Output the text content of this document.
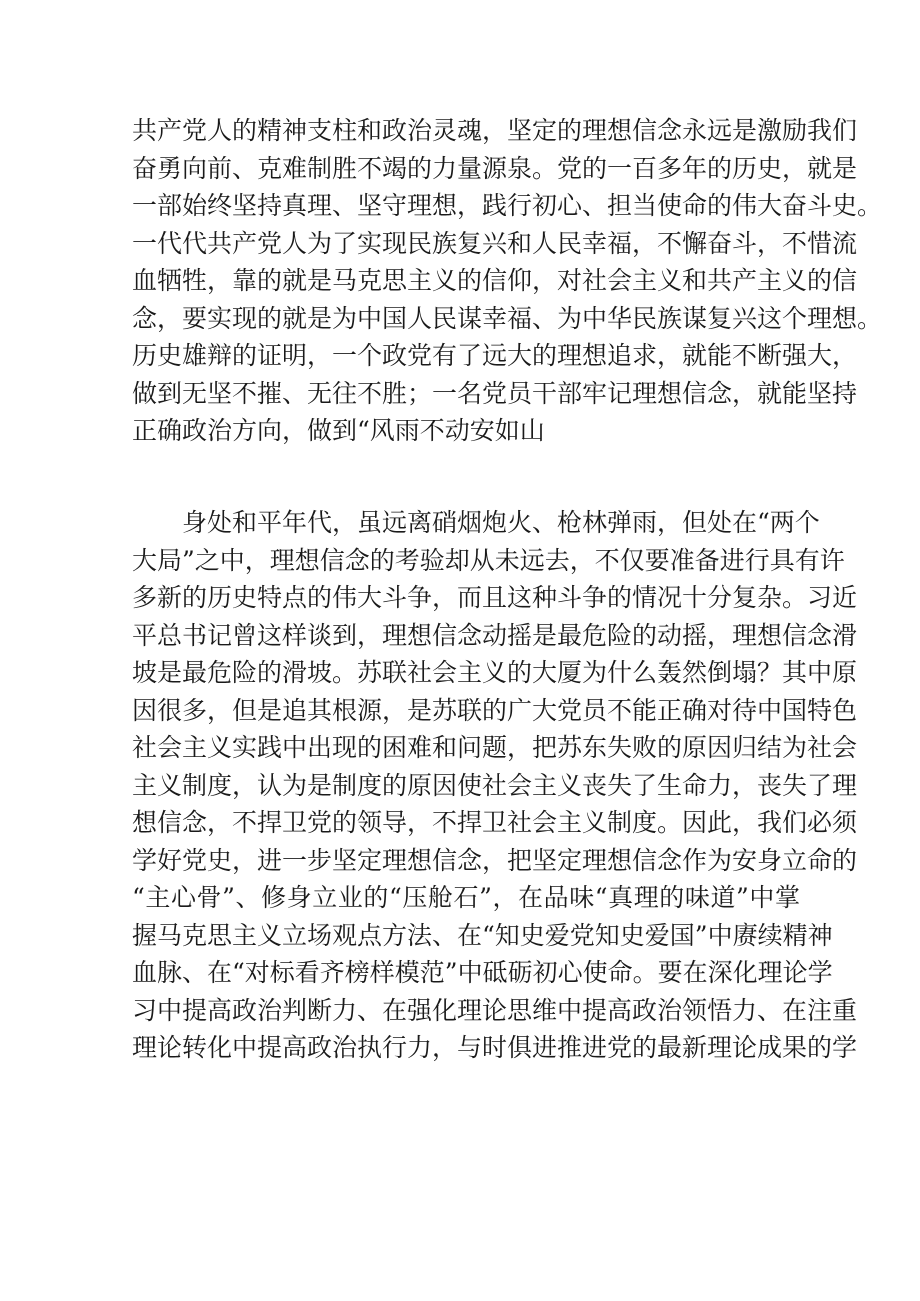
共产党人的精神支柱和政治灵魂，坚定的理想信念永远是激励我们
奋勇向前、克难制胜不竭的力量源泉。党的一百多年的历史，就是
一部始终坚持真理、坚守理想，践行初心、担当使命的伟大奋斗史。
一代代共产党人为了实现民族复兴和人民幸福，不懈奋斗，不惜流
血牺牲，靠的就是马克思主义的信仰，对社会主义和共产主义的信
念，要实现的就是为中国人民谋幸福、为中华民族谋复兴这个理想。
历史雄辩的证明，一个政党有了远大的理想追求，就能不断强大，
做到无坚不摧、无往不胜；一名党员干部牢记理想信念，就能坚持
正确政治方向，做到“风雨不动安如山
身处和平年代，虽远离硝烟炮火、枪林弹雨，但处在“两个
大局”之中，理想信念的考验却从未远去，不仅要准备进行具有许
多新的历史特点的伟大斗争，而且这种斗争的情况十分复杂。习近
平总书记曾这样谈到，理想信念动摇是最危险的动摇，理想信念滑
坡是最危险的滑坡。苏联社会主义的大厦为什么轰然倒塌？其中原
因很多，但是追其根源，是苏联的广大党员不能正确对待中国特色
社会主义实践中出现的困难和问题，把苏东失败的原因归结为社会
主义制度，认为是制度的原因使社会主义丧失了生命力，丧失了理
想信念，不捍卫党的领导，不捍卫社会主义制度。因此，我们必须
学好党史，进一步坚定理想信念，把坚定理想信念作为安身立命的
“主心骨”、修身立业的“压舱石”，在品味“真理的味道”中掌
握马克思主义立场观点方法、在“知史爱党知史爱国”中赓续精神
血脉、在“对标看齐榜样模范”中砥砺初心使命。要在深化理论学
习中提高政治判断力、在强化理论思维中提高政治领悟力、在注重
理论转化中提高政治执行力，与时俱进推进党的最新理论成果的学
